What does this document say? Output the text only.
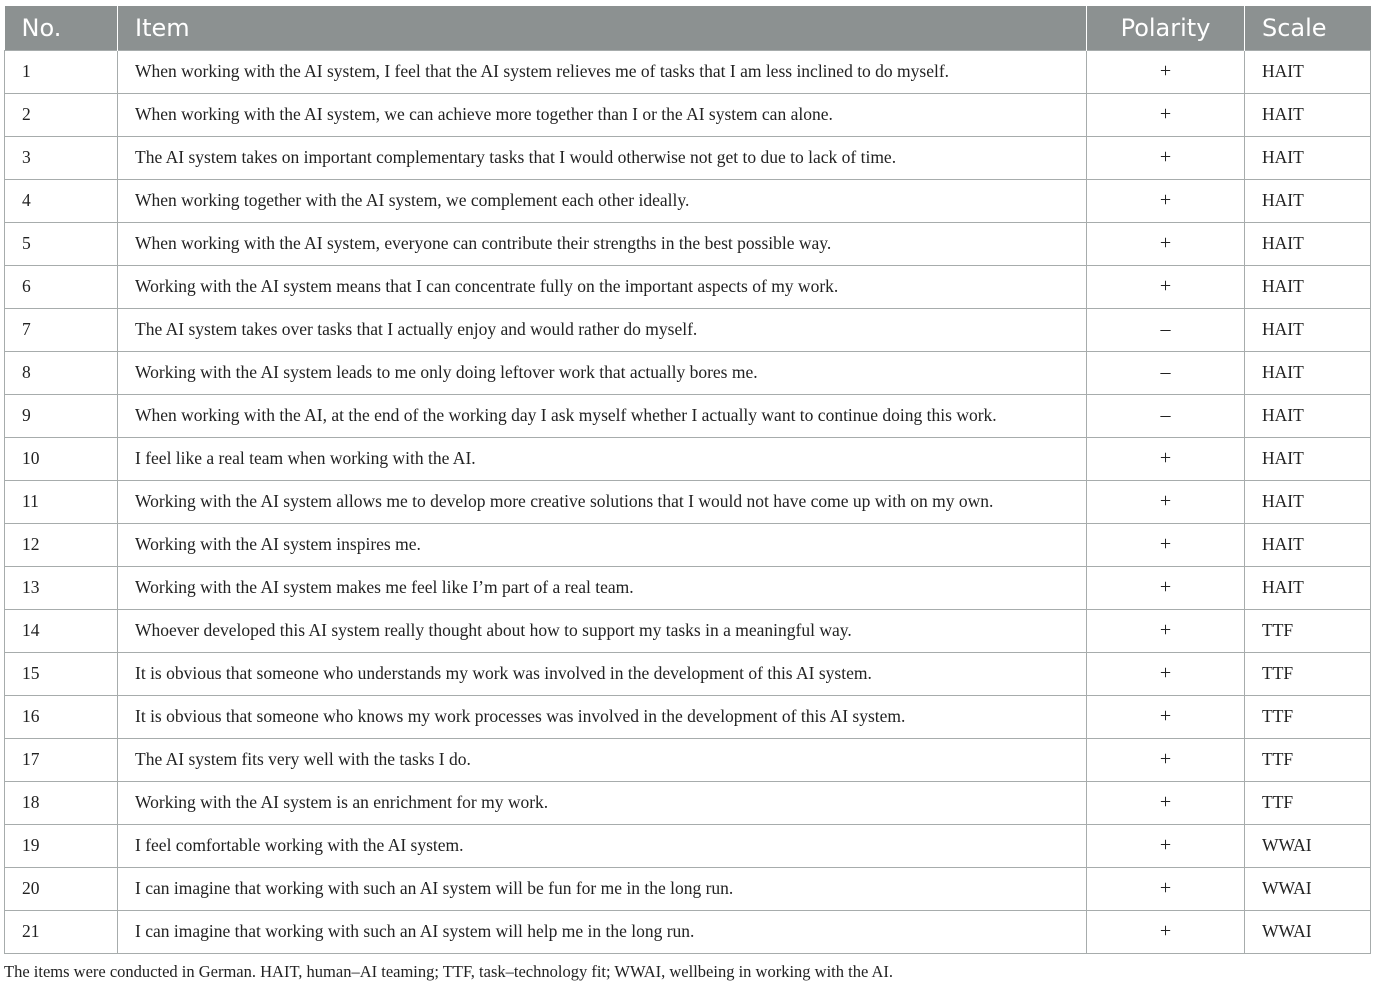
No.	Item	Polarity	Scale
1	When working with the AI system, I feel that the AI system relieves me of tasks that I am less inclined to do myself.	+	HAIT
2	When working with the AI system, we can achieve more together than I or the AI system can alone.	+	HAIT
3	The AI system takes on important complementary tasks that I would otherwise not get to due to lack of time.	+	HAIT
4	When working together with the AI system, we complement each other ideally.	+	HAIT
5	When working with the AI system, everyone can contribute their strengths in the best possible way.	+	HAIT
6	Working with the AI system means that I can concentrate fully on the important aspects of my work.	+	HAIT
7	The AI system takes over tasks that I actually enjoy and would rather do myself.	–	HAIT
8	Working with the AI system leads to me only doing leftover work that actually bores me.	–	HAIT
9	When working with the AI, at the end of the working day I ask myself whether I actually want to continue doing this work.	–	HAIT
10	I feel like a real team when working with the AI.	+	HAIT
11	Working with the AI system allows me to develop more creative solutions that I would not have come up with on my own.	+	HAIT
12	Working with the AI system inspires me.	+	HAIT
13	Working with the AI system makes me feel like I’m part of a real team.	+	HAIT
14	Whoever developed this AI system really thought about how to support my tasks in a meaningful way.	+	TTF
15	It is obvious that someone who understands my work was involved in the development of this AI system.	+	TTF
16	It is obvious that someone who knows my work processes was involved in the development of this AI system.	+	TTF
17	The AI system fits very well with the tasks I do.	+	TTF
18	Working with the AI system is an enrichment for my work.	+	TTF
19	I feel comfortable working with the AI system.	+	WWAI
20	I can imagine that working with such an AI system will be fun for me in the long run.	+	WWAI
21	I can imagine that working with such an AI system will help me in the long run.	+	WWAI

The items were conducted in German. HAIT, human–AI teaming; TTF, task–technology fit; WWAI, wellbeing in working with the AI.
